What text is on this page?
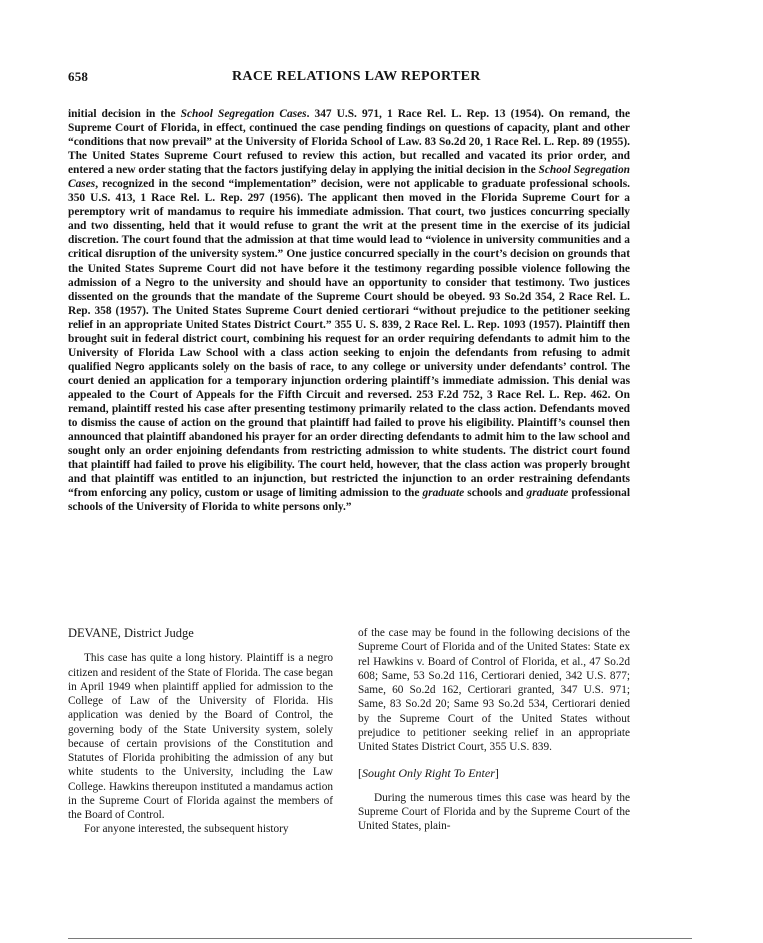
658	RACE RELATIONS LAW REPORTER

initial decision in the School Segregation Cases. 347 U.S. 971, 1 Race Rel. L. Rep. 13 (1954). On remand, the Supreme Court of Florida, in effect, continued the case pending findings on questions of capacity, plant and other “conditions that now prevail” at the University of Florida School of Law. 83 So.2d 20, 1 Race Rel. L. Rep. 89 (1955). The United States Supreme Court refused to review this action, but recalled and vacated its prior order, and entered a new order stating that the factors justifying delay in applying the initial decision in the School Segregation Cases, recognized in the second “implementation” decision, were not applicable to graduate professional schools. 350 U.S. 413, 1 Race Rel. L. Rep. 297 (1956). The applicant then moved in the Florida Supreme Court for a peremptory writ of mandamus to require his immediate admission. That court, two justices concurring specially and two dissenting, held that it would refuse to grant the writ at the present time in the exercise of its judicial discretion. The court found that the admission at that time would lead to “violence in university communities and a critical disruption of the university system.” One justice concurred specially in the court’s decision on grounds that the United States Supreme Court did not have before it the testimony regarding possible violence following the admission of a Negro to the university and should have an opportunity to consider that testimony. Two justices dissented on the grounds that the mandate of the Supreme Court should be obeyed. 93 So.2d 354, 2 Race Rel. L. Rep. 358 (1957). The United States Supreme Court denied certiorari “without prejudice to the petitioner seeking relief in an appropriate United States District Court.” 355 U. S. 839, 2 Race Rel. L. Rep. 1093 (1957). Plaintiff then brought suit in federal district court, combining his request for an order requiring defendants to admit him to the University of Florida Law School with a class action seeking to enjoin the defendants from refusing to admit qualified Negro applicants solely on the basis of race, to any college or university under defendants’ control. The court denied an application for a temporary injunction ordering plaintiff’s immediate admission. This denial was appealed to the Court of Appeals for the Fifth Circuit and reversed. 253 F.2d 752, 3 Race Rel. L. Rep. 462. On remand, plaintiff rested his case after presenting testimony primarily related to the class action. Defendants moved to dismiss the cause of action on the ground that plaintiff had failed to prove his eligibility. Plaintiff’s counsel then announced that plaintiff abandoned his prayer for an order directing defendants to admit him to the law school and sought only an order enjoining defendants from restricting admission to white students. The district court found that plaintiff had failed to prove his eligibility. The court held, however, that the class action was properly brought and that plaintiff was entitled to an injunction, but restricted the injunction to an order restraining defendants “from enforcing any policy, custom or usage of limiting admission to the graduate schools and graduate professional schools of the University of Florida to white persons only.”

DEVANE, District Judge

This case has quite a long history. Plaintiff is a negro citizen and resident of the State of Florida. The case began in April 1949 when plaintiff applied for admission to the College of Law of the University of Florida. His application was denied by the Board of Control, the governing body of the State University system, solely because of certain provisions of the Constitution and Statutes of Florida prohibiting the admission of any but white students to the University, including the Law College. Hawkins thereupon instituted a mandamus action in the Supreme Court of Florida against the members of the Board of Control.

For anyone interested, the subsequent history

of the case may be found in the following decisions of the Supreme Court of Florida and of the United States: State ex rel Hawkins v. Board of Control of Florida, et al., 47 So.2d 608; Same, 53 So.2d 116, Certiorari denied, 342 U.S. 877; Same, 60 So.2d 162, Certiorari granted, 347 U.S. 971; Same, 83 So.2d 20; Same 93 So.2d 534, Certiorari denied by the Supreme Court of the United States without prejudice to petitioner seeking relief in an appropriate United States District Court, 355 U.S. 839.

[Sought Only Right To Enter]

During the numerous times this case was heard by the Supreme Court of Florida and by the Supreme Court of the United States, plain-
